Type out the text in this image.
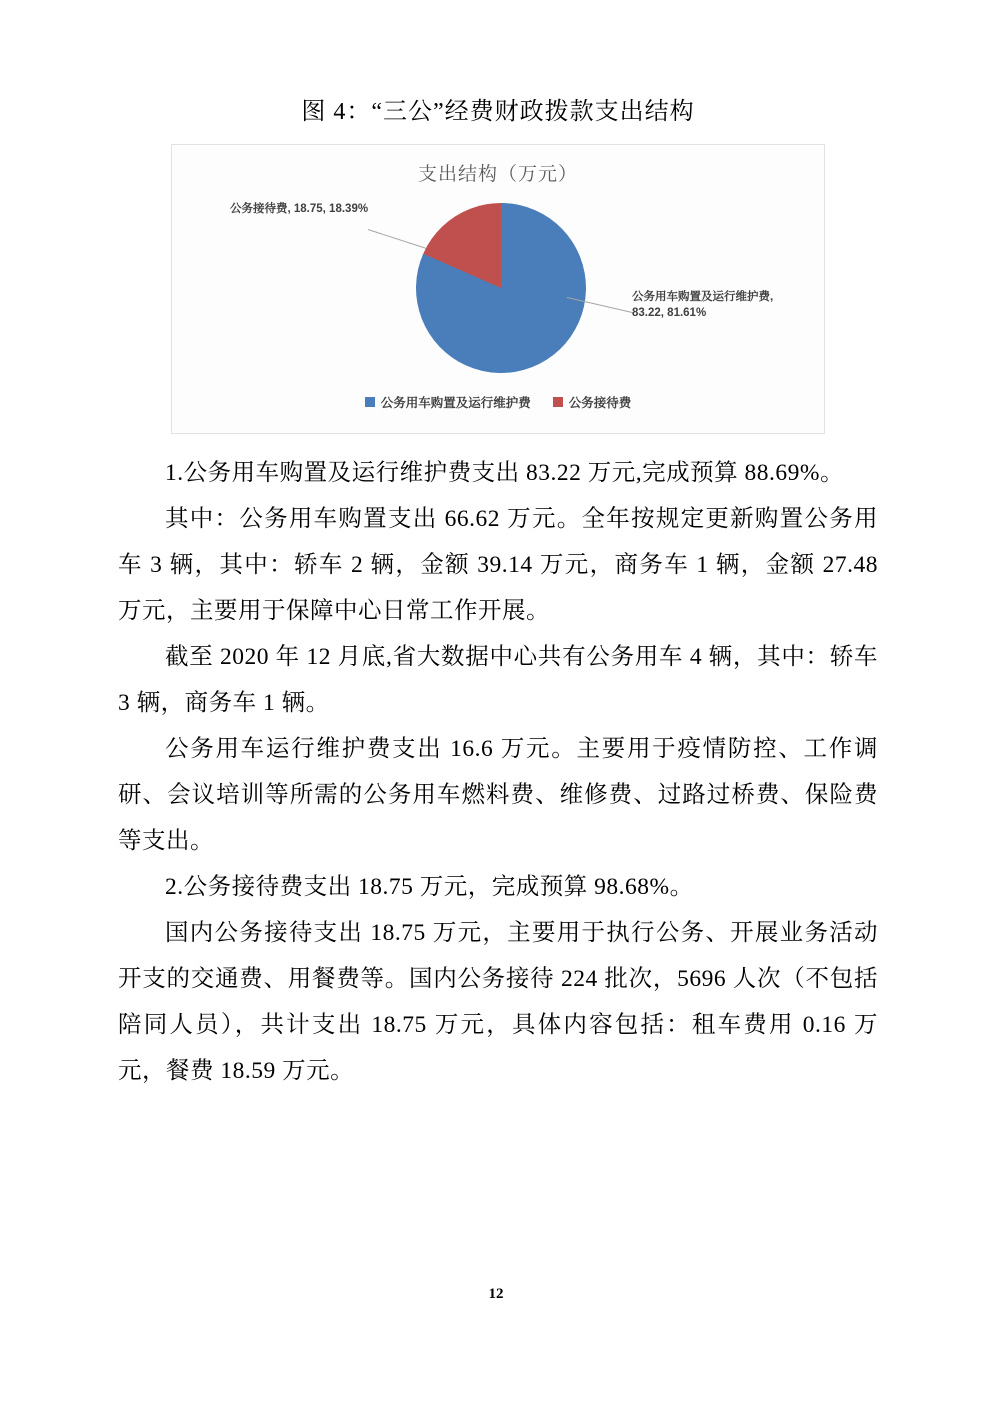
图 4：“三公”经费财政拨款支出结构
支出结构（万元）
公务接待费, 18.75, 18.39%
公务用车购置及运行维护费, 83.22, 81.61%
公务用车购置及运行维护费	公务接待费

1.公务用车购置及运行维护费支出 83.22 万元,完成预算 88.69%。

其中：公务用车购置支出 66.62 万元。全年按规定更新购置公务用车 3 辆，其中：轿车 2 辆，金额 39.14 万元，商务车 1 辆，金额 27.48 万元，主要用于保障中心日常工作开展。

截至 2020 年 12 月底,省大数据中心共有公务用车 4 辆，其中：轿车 3 辆，商务车 1 辆。

公务用车运行维护费支出 16.6 万元。主要用于疫情防控、工作调研、会议培训等所需的公务用车燃料费、维修费、过路过桥费、保险费等支出。

2.公务接待费支出 18.75 万元，完成预算 98.68%。

国内公务接待支出 18.75 万元，主要用于执行公务、开展业务活动开支的交通费、用餐费等。国内公务接待 224 批次，5696 人次（不包括陪同人员），共计支出 18.75 万元，具体内容包括：租车费用 0.16 万元，餐费 18.59 万元。

12
